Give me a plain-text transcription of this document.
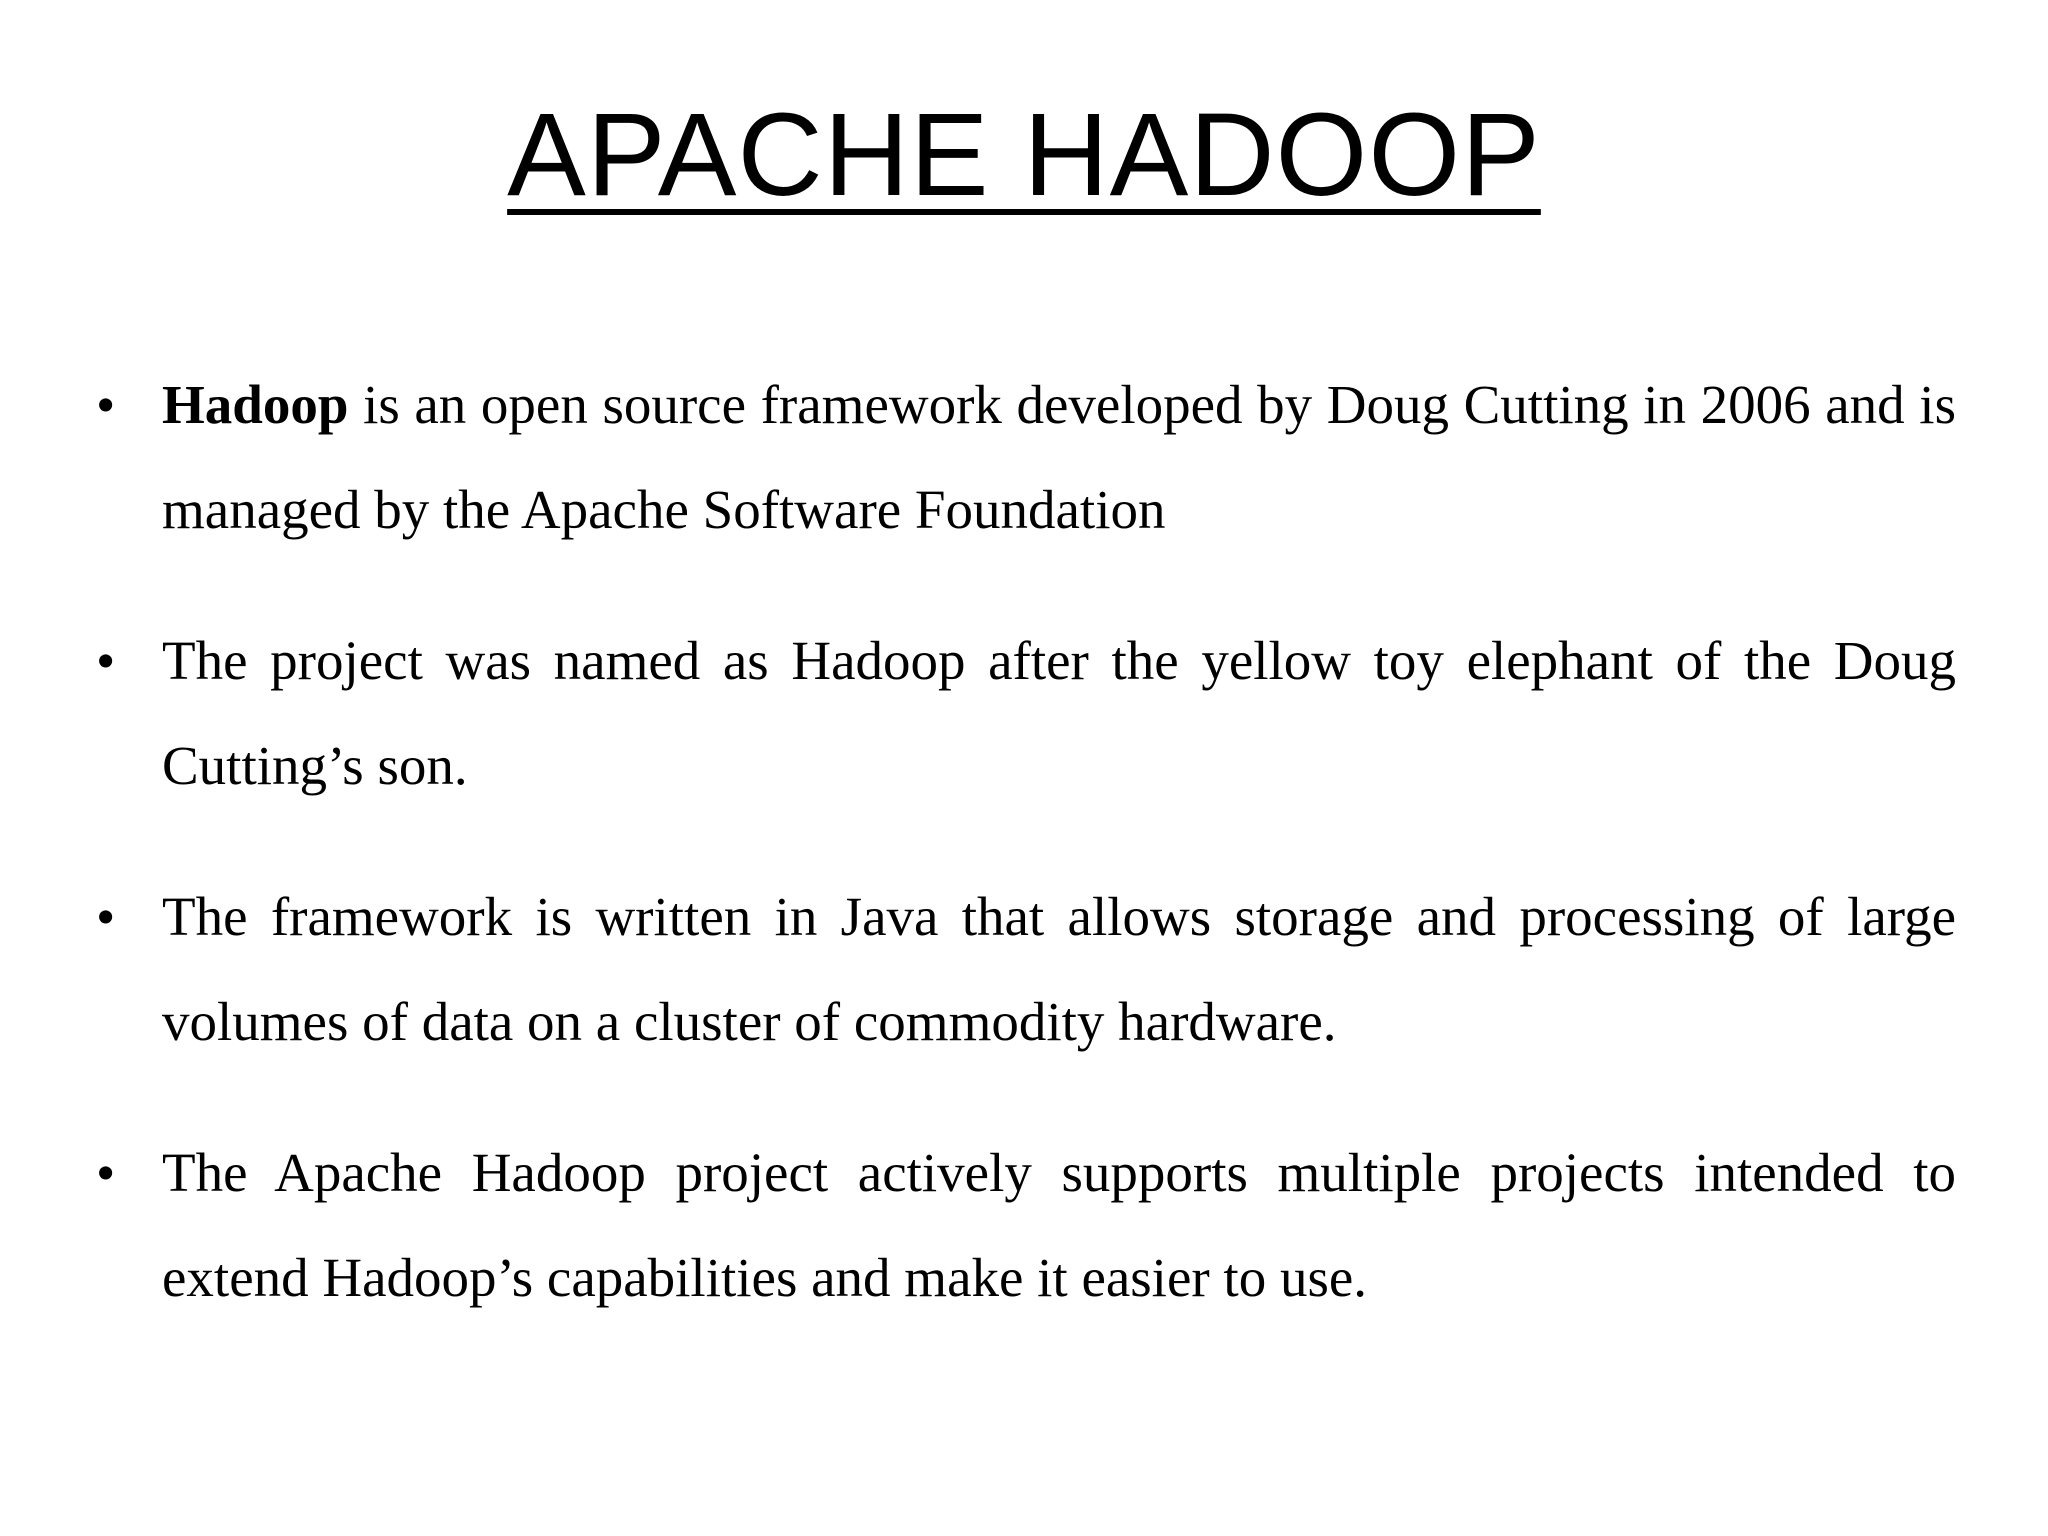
APACHE HADOOP
• Hadoop is an open source framework developed by Doug Cutting in 2006 and is managed by the Apache Software Foundation
• The project was named as Hadoop after the yellow toy elephant of the Doug Cutting’s son.
• The framework is written in Java that allows storage and processing of large volumes of data on a cluster of commodity hardware.
• The Apache Hadoop project actively supports multiple projects intended to extend Hadoop’s capabilities and make it easier to use.
